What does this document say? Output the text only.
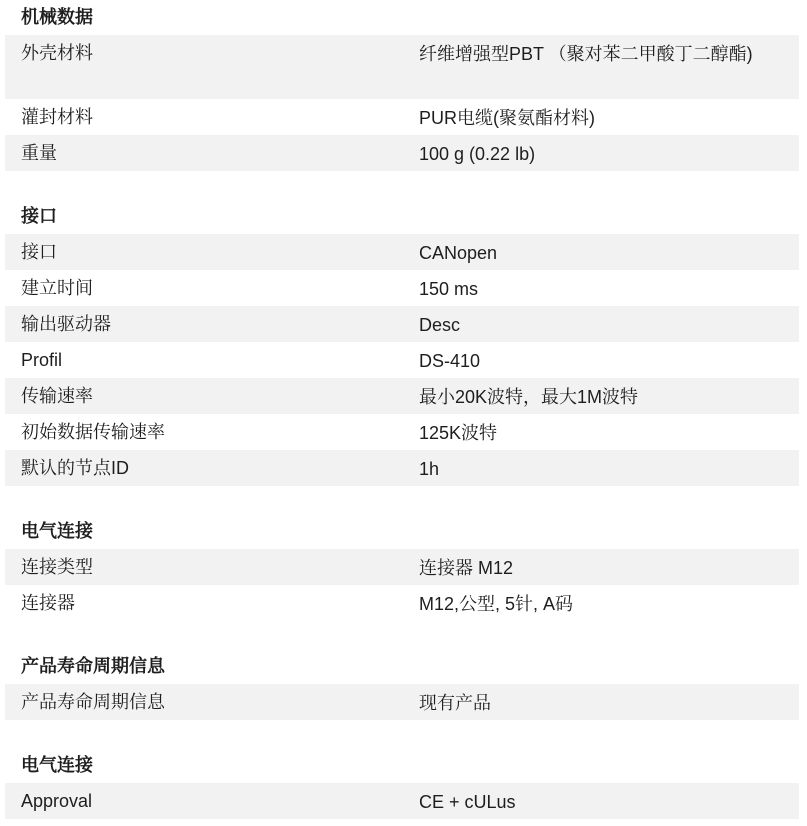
机械数据
外壳材料	纤维增强型PBT （聚对苯二甲酸丁二醇酯)
灌封材料	PUR电缆(聚氨酯材料)
重量	100 g (0.22 lb)
接口
接口	CANopen
建立时间	150 ms
输出驱动器	Desc
Profil	DS-410
传输速率	最小20K波特，最大1M波特
初始数据传输速率	125K波特
默认的节点ID	1h
电气连接
连接类型	连接器 M12
连接器	M12,公型, 5针, A码
产品寿命周期信息
产品寿命周期信息	现有产品
电气连接
Approval	CE + cULus
